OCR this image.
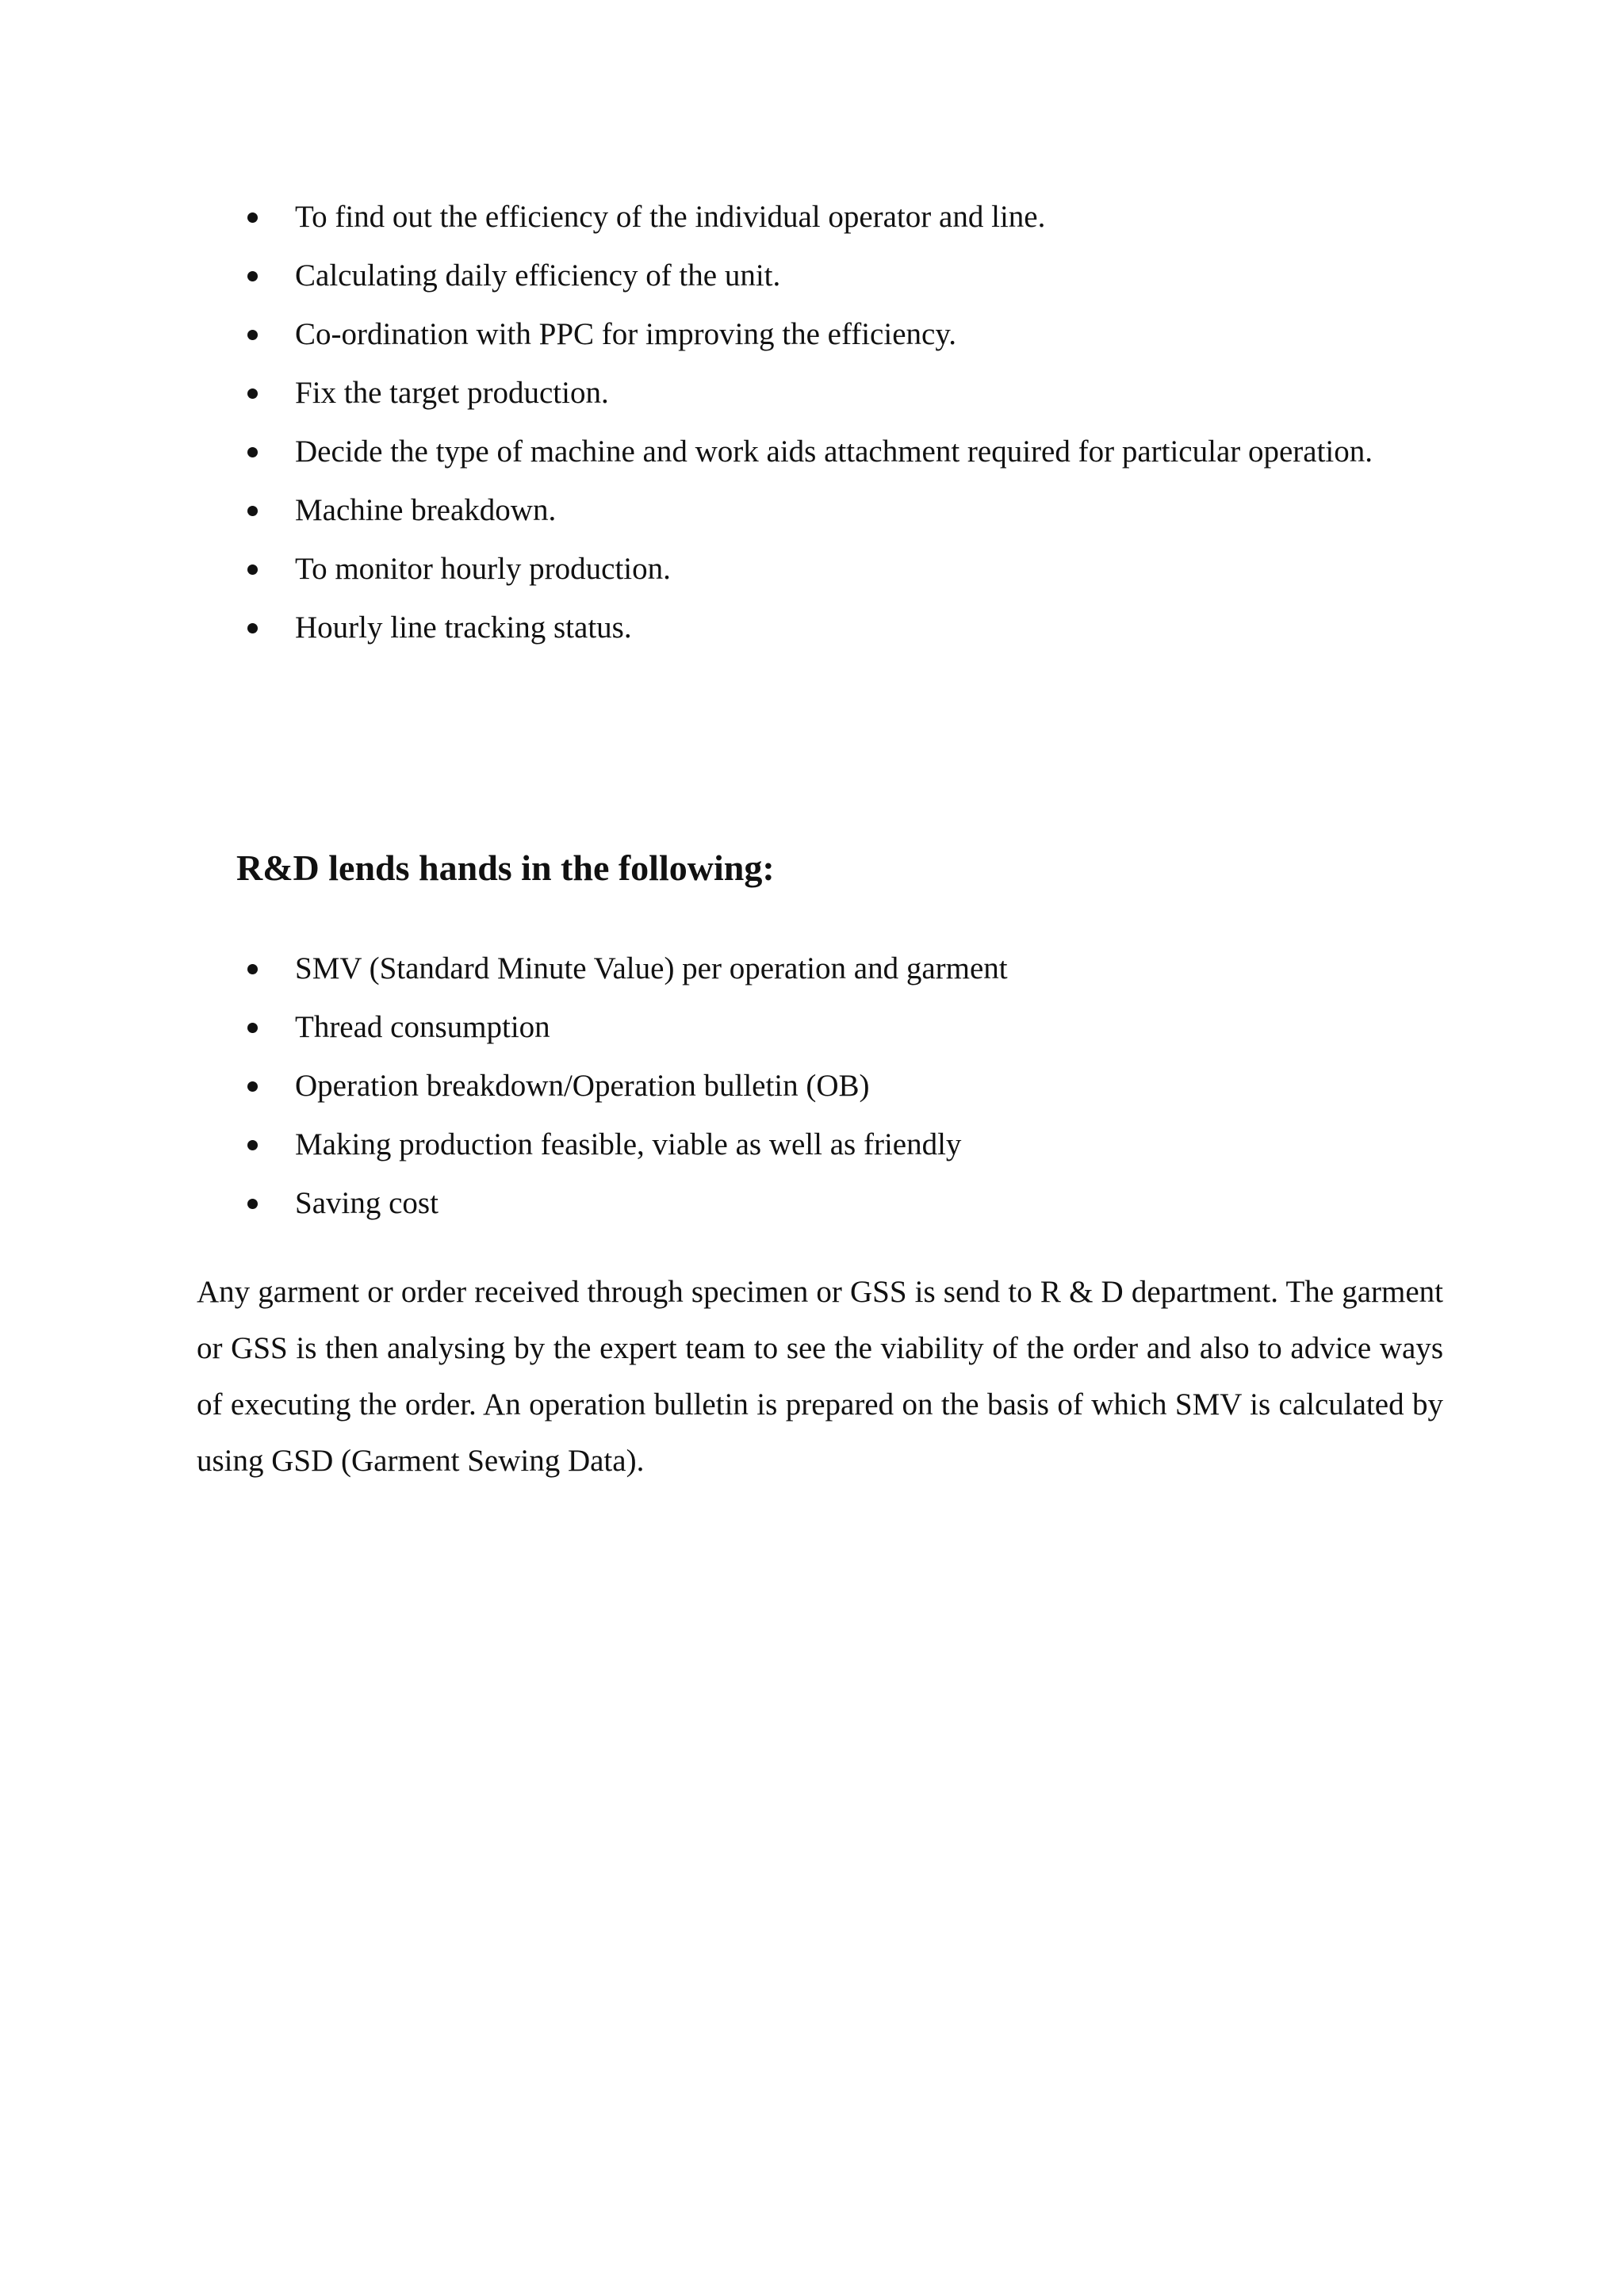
To find out the efficiency of the individual operator and line.
Calculating daily efficiency of the unit.
Co-ordination with PPC for improving the efficiency.
Fix the target production.
Decide the type of machine and work aids attachment required for particular operation.
Machine breakdown.
To monitor hourly production.
Hourly line tracking status.
R&D lends hands in the following:
SMV (Standard Minute Value) per operation and garment
Thread consumption
Operation breakdown/Operation bulletin (OB)
Making production feasible, viable as well as friendly
Saving cost

Any garment or order received through specimen or GSS is send to R & D department. The garment or GSS is then analysing by the expert team to see the viability of the order and also to advice ways of executing the order. An operation bulletin is prepared on the basis of which SMV is calculated by using GSD (Garment Sewing Data).
